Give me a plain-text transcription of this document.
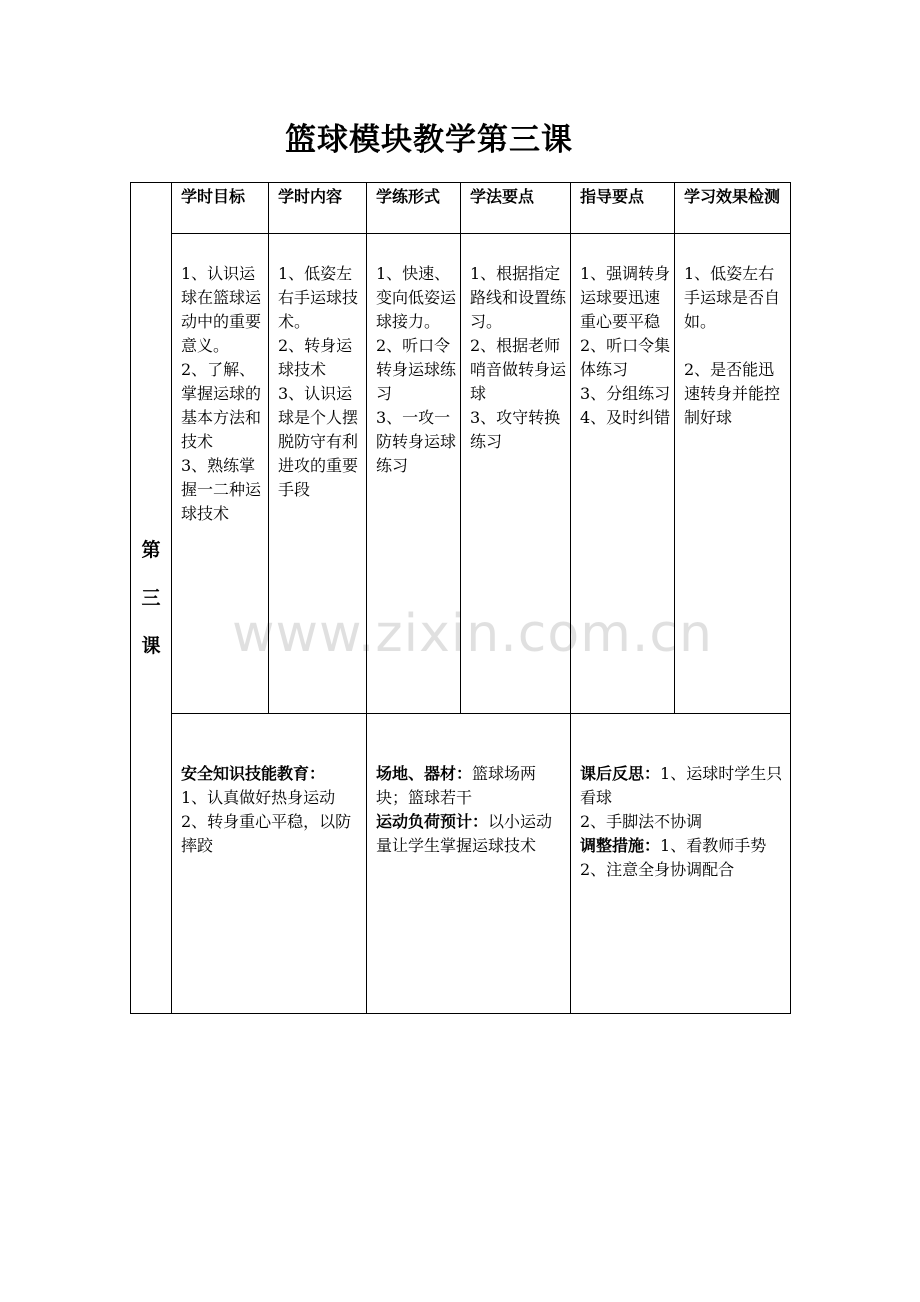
篮球模块教学第三课
第
三
课	学时目标	学时内容	学练形式	学法要点	指导要点	学习效果检测

	1、认识运球在篮球运动中的重要意义。
2、了解、掌握运球的基本方法和技术
3、熟练掌握一二种运球技术	1、低姿左右手运球技术。
2、转身运球技术
3、认识运球是个人摆脱防守有利进攻的重要手段	1、快速、变向低姿运球接力。
2、听口令转身运球练习
3、一攻一防转身运球练习	1、根据指定路线和设置练习。
2、根据老师哨音做转身运球
3、攻守转换练习	1、强调转身运球要迅速重心要平稳
2、听口令集体练习
3、分组练习
4、及时纠错	1、低姿左右手运球是否自如。
2、是否能迅速转身并能控制好球

	安全知识技能教育：
1、认真做好热身运动
2、转身重心平稳，以防摔跤		场地、器材：篮球场两块；篮球若干
运动负荷预计：以小运动量让学生掌握运球技术		课后反思：1、运球时学生只看球
2、手脚法不协调
调整措施：1、看教师手势
2、注意全身协调配合	
www.zixin.com.cn
